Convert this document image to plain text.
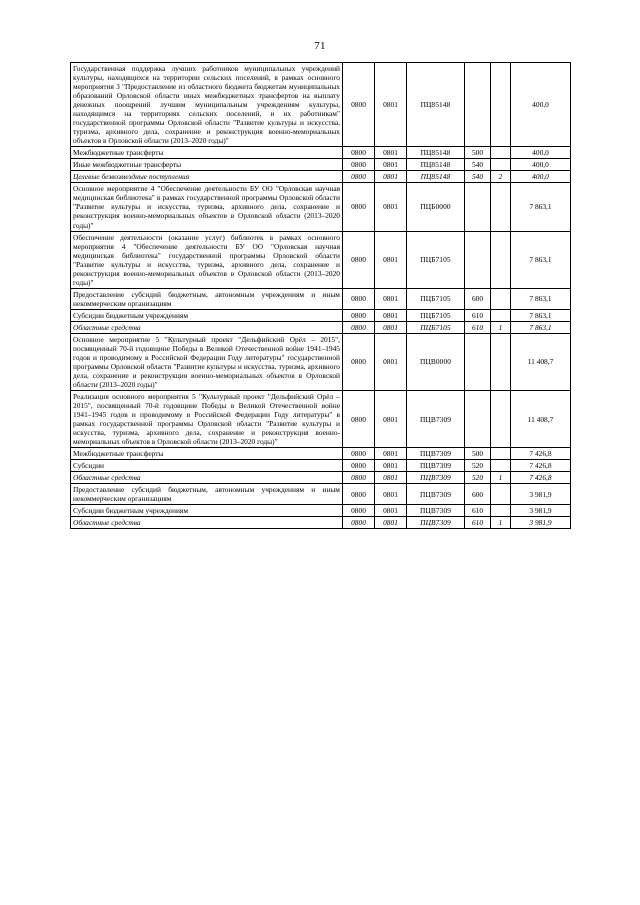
71
Государственная поддержка лучших работников муниципальных учреждений культуры, находящихся на территории сельских поселений, в рамках основного мероприятия 3 "Предоставление из областного бюджета бюджетам муниципальных образований Орловской области иных межбюджетных трансфертов на выплату денежных поощрений лучшим муниципальным учреждениям культуры, находящимся на территориях сельских поселений, и их работникам" государственной программы Орловской области "Развитие культуры и искусства, туризма, архивного дела, сохранение и реконструкция военно-мемориальных объектов в Орловской области (2013–2020 годы)"	0800	0801	ПЦ85148			400,0
Межбюджетные трансферты	0800	0801	ПЦ85148	500		400,0
Иные межбюджетные трансферты	0800	0801	ПЦ85148	540		400,0
Целевые безвозмездные поступления	0800	0801	ПЦ85148	540	2	400,0
Основное мероприятие 4 "Обеспечение деятельности БУ ОО "Орловская научная медицинская библиотека" в рамках государственной программы Орловской области "Развитие культуры и искусства, туризма, архивного дела, сохранение и реконструкция военно-мемориальных объектов в Орловской области (2013–2020 годы)"	0800	0801	ПЦБ0000			7 863,1
Обеспечение деятельности (оказание услуг) библиотек в рамках основного мероприятия 4 "Обеспечение деятельности БУ ОО "Орловская научная медицинская библиотека" государственной программы Орловской области "Развитие культуры и искусства, туризма, архивного дела, сохранение и реконструкция военно-мемориальных объектов в Орловской области (2013–2020 годы)"	0800	0801	ПЦБ7105			7 863,1
Предоставление субсидий бюджетным, автономным учреждениям и иным некоммерческим организациям	0800	0801	ПЦБ7105	600		7 863,1
Субсидии бюджетным учреждениям	0800	0801	ПЦБ7105	610		7 863,1
Областные средства	0800	0801	ПЦБ7105	610	1	7 863,1
Основное мероприятие 5 "Культурный проект "Дельфийский Орёл – 2015", посвященный 70-й годовщине Победы в Великой Отечественной войне 1941–1945 годов и проводимому в Российской Федерации Году литературы" государственной программы Орловской области "Развитие культуры и искусства, туризма, архивного дела, сохранение и реконструкция военно-мемориальных объектов в Орловской области (2013–2020 годы)"	0800	0801	ПЦВ0000			11 408,7
Реализация основного мероприятия 5 "Культурный проект "Дельфийский Орёл – 2015", посвященный 70-й годовщине Победы в Великой Отечественной войне 1941–1945 годов и проводимому в Российской Федерации Году литературы" в рамках государственной программы Орловской области "Развитие культуры и искусства, туризма, архивного дела, сохранение и реконструкция военно-мемориальных объектов в Орловской области (2013–2020 годы)"	0800	0801	ПЦВ7309			11 408,7
Межбюджетные трансферты	0800	0801	ПЦВ7309	500		7 426,8
Субсидии	0800	0801	ПЦВ7309	520		7 426,8
Областные средства	0800	0801	ПЦВ7309	520	1	7 426,8
Предоставление субсидий бюджетным, автономным учреждениям и иным некоммерческим организациям	0800	0801	ПЦВ7309	600		3 981,9
Субсидии бюджетным учреждениям	0800	0801	ПЦВ7309	610		3 981,9
Областные средства	0800	0801	ПЦВ7309	610	1	3 981,9
